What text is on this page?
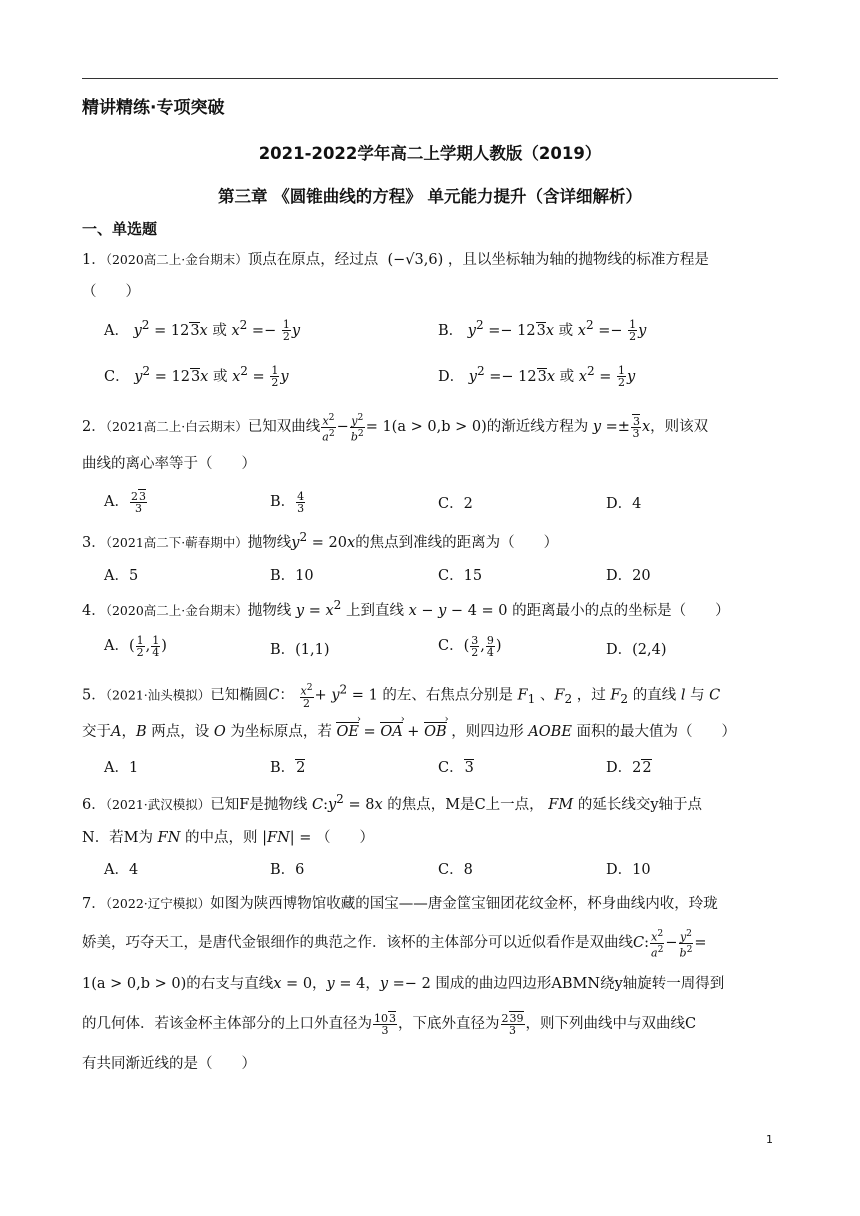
精讲精练·专项突破
2021-2022学年高二上学期人教版（2019）
第三章 《圆锥曲线的方程》 单元能力提升（含详细解析）
一、单选题
1．（2020高二上·金台期末）顶点在原点，经过点 (−√3,6) ，且以坐标轴为轴的抛物线的标准方程是
（　　）
A． $y^2 = 123x$ 或 $x^2 =- \frac{1}{2}$ y	B． $y^2 =- 123x$ 或 $x^2 =- \frac{1}{2}$ y
C． $y^2 = 123x$ 或 $x^2 = \frac{1}{2}$ y	D． $y^2 =- 123x$ 或 $x^2 = \frac{1}{2}$ y
2．（2021高二上·白云期末）已知双曲线 $\frac{x^2}{a^2} - \frac{y^2}{b^2} = 1(a > 0,b > 0)$的渐近线方程为 $y =\pm \frac{3}{3}$ x，则该双
曲线的离心率等于（　　）
A． $\frac{23}{3}$	B． $\frac{4}{3}$	C．2	D．4
3．（2021高二下·蕲春期中）抛物线$y^2 = 20x$的焦点到准线的距离为（　　）
A．5	B．10	C．15	D．20
4．（2020高二上·金台期末）抛物线 $y = x^2$ 上到直线 x − y − 4 = 0 的距离最小的点的坐标是（　　）
A．( $\frac{1}{2}$ , $\frac{1}{4}$ )	B．(1,1)	C．( $\frac{3}{2}$ , $\frac{9}{4}$ )	D．(2,4)
5．（2021·汕头模拟）已知椭圆C： $\frac{x^2}{2} + y^2 = 1$ 的左、右焦点分别是 $F_1$ 、$F_2$ ，过 $F_2$ 的直线 l 与 C
交于A，B 两点，设 O 为坐标原点，若 OE › = OA › + OB › ，则四边形 AOBE 面积的最大值为（　　）
A．1	B．2	C．3	D．22
6．（2021·武汉模拟）已知F是抛物线 $C:y^2 = 8x$ 的焦点，M是C上一点， FM 的延长线交y轴于点
N．若M为 FN 的中点，则 |FN| = （　　）
A．4	B．6	C．8	D．10
7．（2022·辽宁模拟）如图为陕西博物馆收藏的国宝——唐金筐宝钿团花纹金杯，杯身曲线内收，玲珑
娇美，巧夺天工，是唐代金银细作的典范之作．该杯的主体部分可以近似看作是双曲线C: $\frac{x^2}{a^2} - \frac{y^2}{b^2}$ =
1(a > 0,b > 0)的右支与直线x = 0，y = 4，y =− 2 围成的曲边四边形ABMN绕y轴旋转一周得到
的几何体．若该金杯主体部分的上口外直径为 $\frac{103}{3}$ ，下底外直径为 $\frac{239}{3}$ ，则下列曲线中与双曲线C
有共同渐近线的是（　　）
1
